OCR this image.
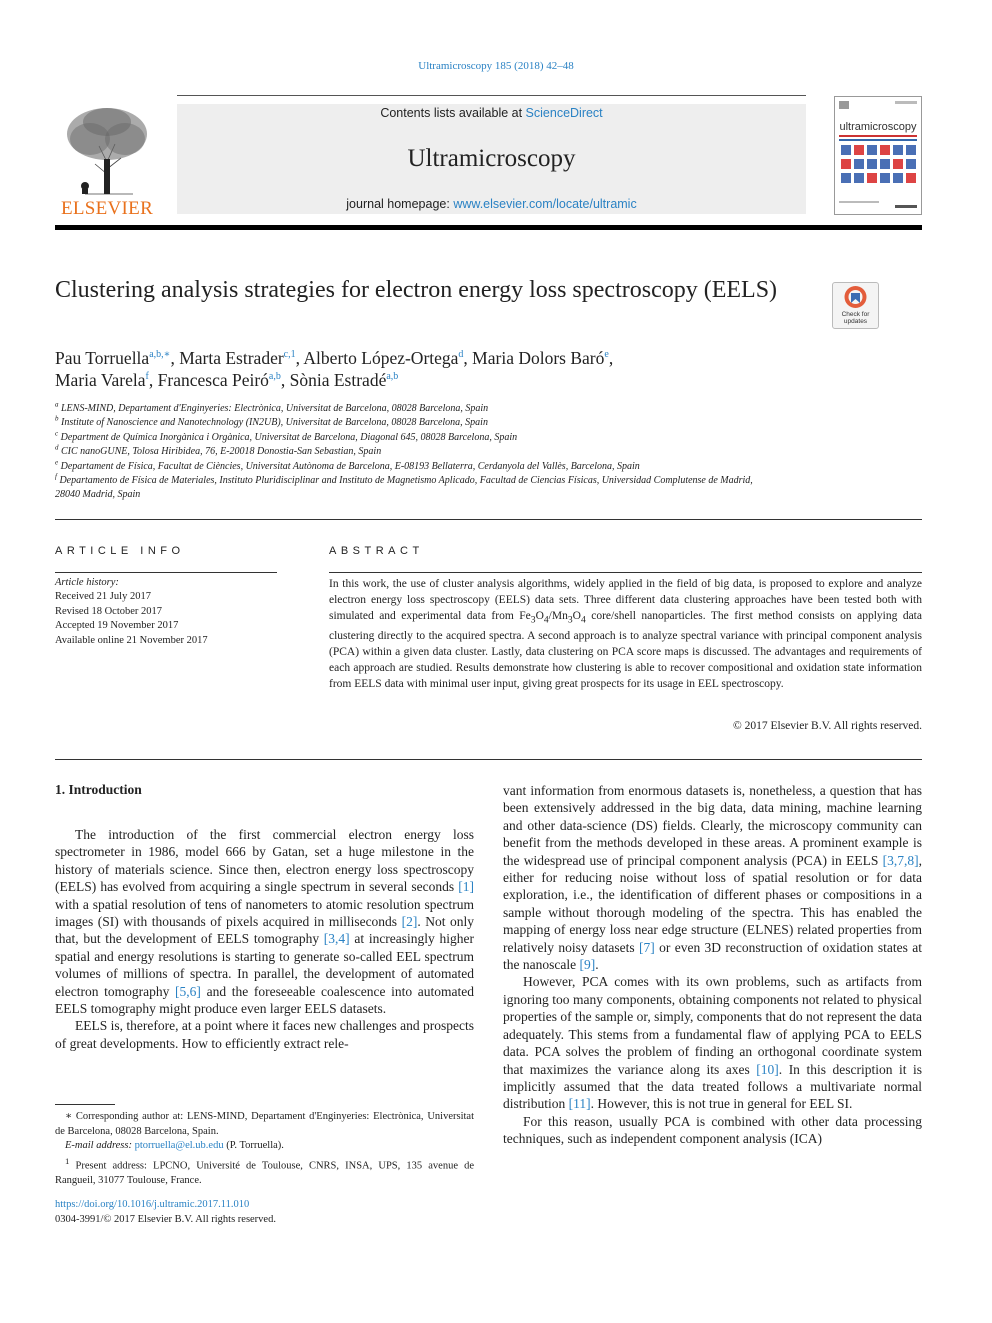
Ultramicroscopy 185 (2018) 42–48
ELSEVIER
Contents lists available at ScienceDirect
Ultramicroscopy
journal homepage: www.elsevier.com/locate/ultramic
ultramicroscopy
Clustering analysis strategies for electron energy loss spectroscopy (EELS)
Check for updates
Pau Torruella$^{a,b,∗}$, Marta Estrader$^{c,1}$, Alberto López-Ortega$^d$, Maria Dolors Baró$^e$,
Maria Varela$^f$, Francesca Peiró$^{a,b}$, Sònia Estradé$^{a,b}$
$^a$ LENS-MIND, Departament d'Enginyeries: Electrònica, Universitat de Barcelona, 08028 Barcelona, Spain
$^b$ Institute of Nanoscience and Nanotechnology (IN2UB), Universitat de Barcelona, 08028 Barcelona, Spain
$^c$ Department de Química Inorgànica i Orgànica, Universitat de Barcelona, Diagonal 645, 08028 Barcelona, Spain
$^d$ CIC nanoGUNE, Tolosa Hiribidea, 76, E-20018 Donostia-San Sebastian, Spain
$^e$ Departament de Física, Facultat de Ciències, Universitat Autònoma de Barcelona, E-08193 Bellaterra, Cerdanyola del Vallès, Barcelona, Spain
$^f$ Departamento de Física de Materiales, Instituto Pluridisciplinar and Instituto de Magnetismo Aplicado, Facultad de Ciencias Físicas, Universidad Complutense de Madrid, 28040 Madrid, Spain
ARTICLE INFO	ABSTRACT
Article history:
Received 21 July 2017
Revised 18 October 2017
Accepted 19 November 2017
Available online 21 November 2017
In this work, the use of cluster analysis algorithms, widely applied in the field of big data, is proposed to explore and analyze electron energy loss spectroscopy (EELS) data sets. Three different data clustering approaches have been tested both with simulated and experimental data from $Fe_3O_4/Mn_3O_4$ core/shell nanoparticles. The first method consists on applying data clustering directly to the acquired spectra. A second approach is to analyze spectral variance with principal component analysis (PCA) within a given data cluster. Lastly, data clustering on PCA score maps is discussed. The advantages and requirements of each approach are studied. Results demonstrate how clustering is able to recover compositional and oxidation state information from EELS data with minimal user input, giving great prospects for its usage in EEL spectroscopy.
© 2017 Elsevier B.V. All rights reserved.
1. Introduction

The introduction of the first commercial electron energy loss spectrometer in 1986, model 666 by Gatan, set a huge milestone in the history of materials science. Since then, electron energy loss spectroscopy (EELS) has evolved from acquiring a single spectrum in several seconds [1] with a spatial resolution of tens of nanometers to atomic resolution spectrum images (SI) with thousands of pixels acquired in milliseconds [2]. Not only that, but the development of EELS tomography [3,4] at increasingly higher spatial and energy resolutions is starting to generate so-called EEL spectrum volumes of millions of spectra. In parallel, the development of automated electron tomography [5,6] and the foreseeable coalescence into automated EELS tomography might produce even larger EELS datasets.

EELS is, therefore, at a point where it faces new challenges and prospects of great developments. How to efficiently extract rele-

vant information from enormous datasets is, nonetheless, a question that has been extensively addressed in the big data, data mining, machine learning and other data-science (DS) fields. Clearly, the microscopy community can benefit from the methods developed in these areas. A prominent example is the widespread use of principal component analysis (PCA) in EELS [3,7,8], either for reducing noise without loss of spatial resolution or for data exploration, i.e., the identification of different phases or compositions in a sample without thorough modeling of the spectra. This has enabled the mapping of energy loss near edge structure (ELNES) related properties from relatively noisy datasets [7] or even 3D reconstruction of oxidation states at the nanoscale [9].

However, PCA comes with its own problems, such as artifacts from ignoring too many components, obtaining components not related to physical properties of the sample or, simply, components that do not represent the data adequately. This stems from a fundamental flaw of applying PCA to EELS data. PCA solves the problem of finding an orthogonal coordinate system that maximizes the variance along its axes [10]. In this description it is implicitly assumed that the data treated follows a multivariate normal distribution [11]. However, this is not true in general for EEL SI.

For this reason, usually PCA is combined with other data processing techniques, such as independent component analysis (ICA)

∗ Corresponding author at: LENS-MIND, Departament d'Enginyeries: Electrònica, Universitat de Barcelona, 08028 Barcelona, Spain.

E-mail address: ptorruella@el.ub.edu (P. Torruella).

$^1$ Present address: LPCNO, Université de Toulouse, CNRS, INSA, UPS, 135 avenue de Rangueil, 31077 Toulouse, France.

https://doi.org/10.1016/j.ultramic.2017.11.010
0304-3991/© 2017 Elsevier B.V. All rights reserved.
